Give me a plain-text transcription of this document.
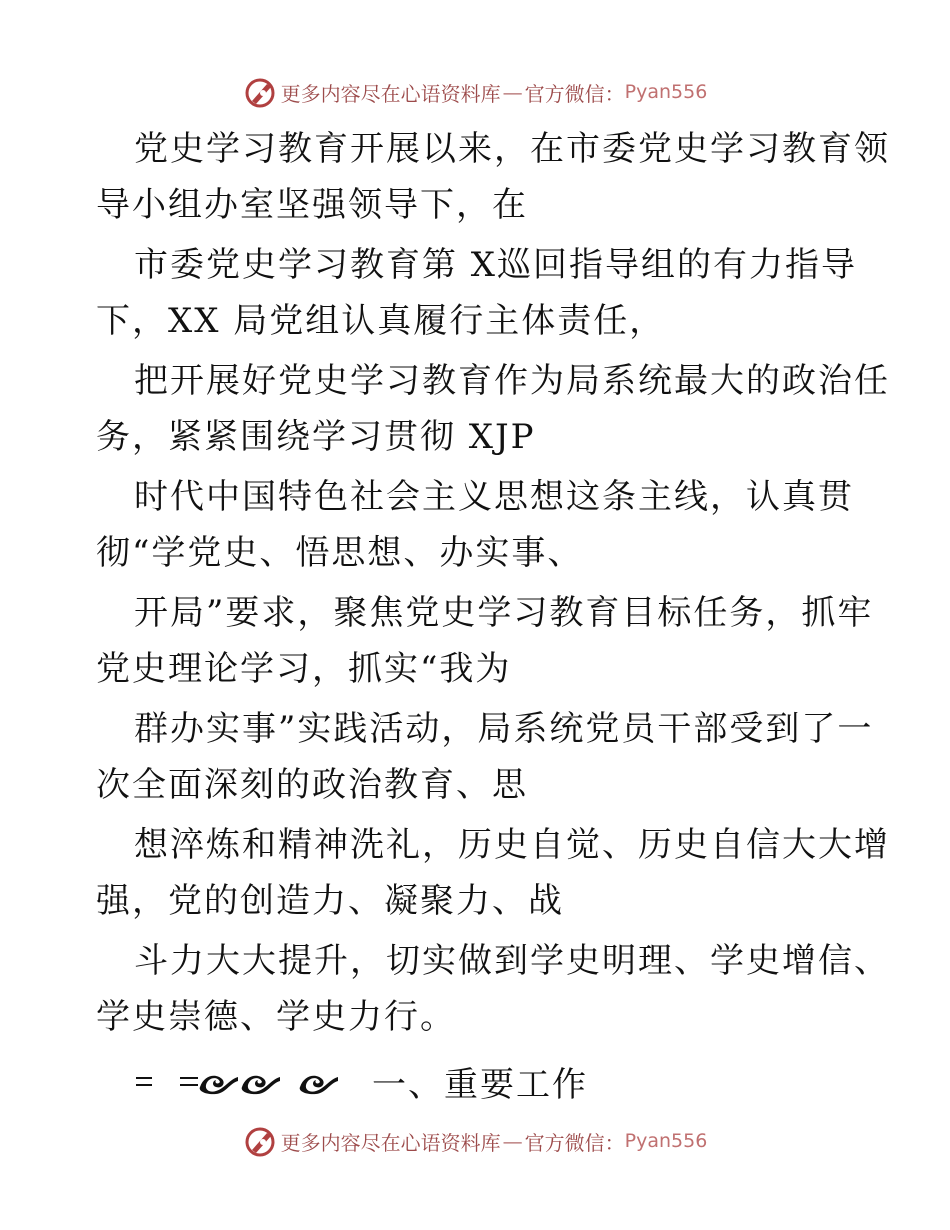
更多内容尽在心语资料库 — 官方微信： Pyan556
党史学习教育开展以来，在市委党史学习教育领
导小组办室坚强领导下，在
市委党史学习教育第 X巡回指导组的有力指导
下，XX 局党组认真履行主体责任，
把开展好党史学习教育作为局系统最大的政治任
务，紧紧围绕学习贯彻 XJP
时代中国特色社会主义思想这条主线，认真贯
彻“学党史、悟思想、办实事、
开局”要求，聚焦党史学习教育目标任务，抓牢
党史理论学习，抓实“我为
群办实事”实践活动，局系统党员干部受到了一
次全面深刻的政治教育、思
想淬炼和精神洗礼，历史自觉、历史自信大大增
强，党的创造力、凝聚力、战
斗力大大提升，切实做到学史明理、学史增信、
学史崇德、学史力行。
一、重要工作
更多内容尽在心语资料库 — 官方微信： Pyan556
